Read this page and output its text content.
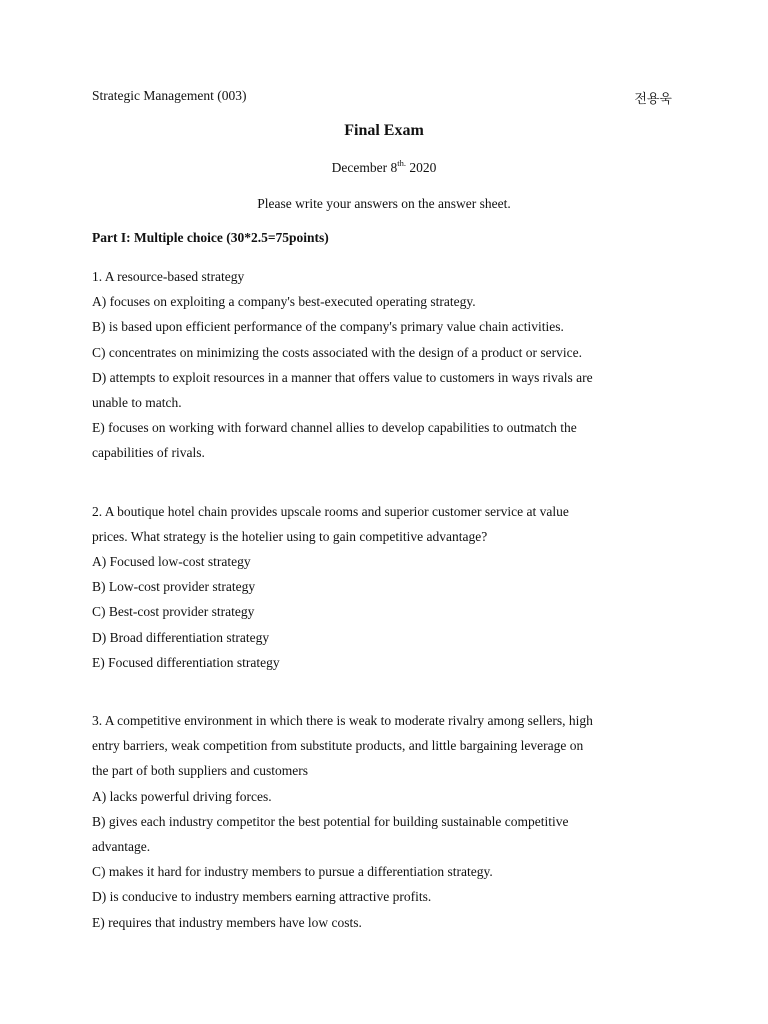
Strategic Management (003)	전용욱
Final Exam
December $8^{th.}$ 2020
Please write your answers on the answer sheet.
Part I: Multiple choice (30*2.5=75points)
1. A resource-based strategy
A) focuses on exploiting a company's best-executed operating strategy.
B) is based upon efficient performance of the company's primary value chain activities.
C) concentrates on minimizing the costs associated with the design of a product or service.
D) attempts to exploit resources in a manner that offers value to customers in ways rivals are
unable to match.
E) focuses on working with forward channel allies to develop capabilities to outmatch the
capabilities of rivals.
2. A boutique hotel chain provides upscale rooms and superior customer service at value
prices. What strategy is the hotelier using to gain competitive advantage?
A) Focused low-cost strategy
B) Low-cost provider strategy
C) Best-cost provider strategy
D) Broad differentiation strategy
E) Focused differentiation strategy
3. A competitive environment in which there is weak to moderate rivalry among sellers, high
entry barriers, weak competition from substitute products, and little bargaining leverage on
the part of both suppliers and customers
A) lacks powerful driving forces.
B) gives each industry competitor the best potential for building sustainable competitive
advantage.
C) makes it hard for industry members to pursue a differentiation strategy.
D) is conducive to industry members earning attractive profits.
E) requires that industry members have low costs.
